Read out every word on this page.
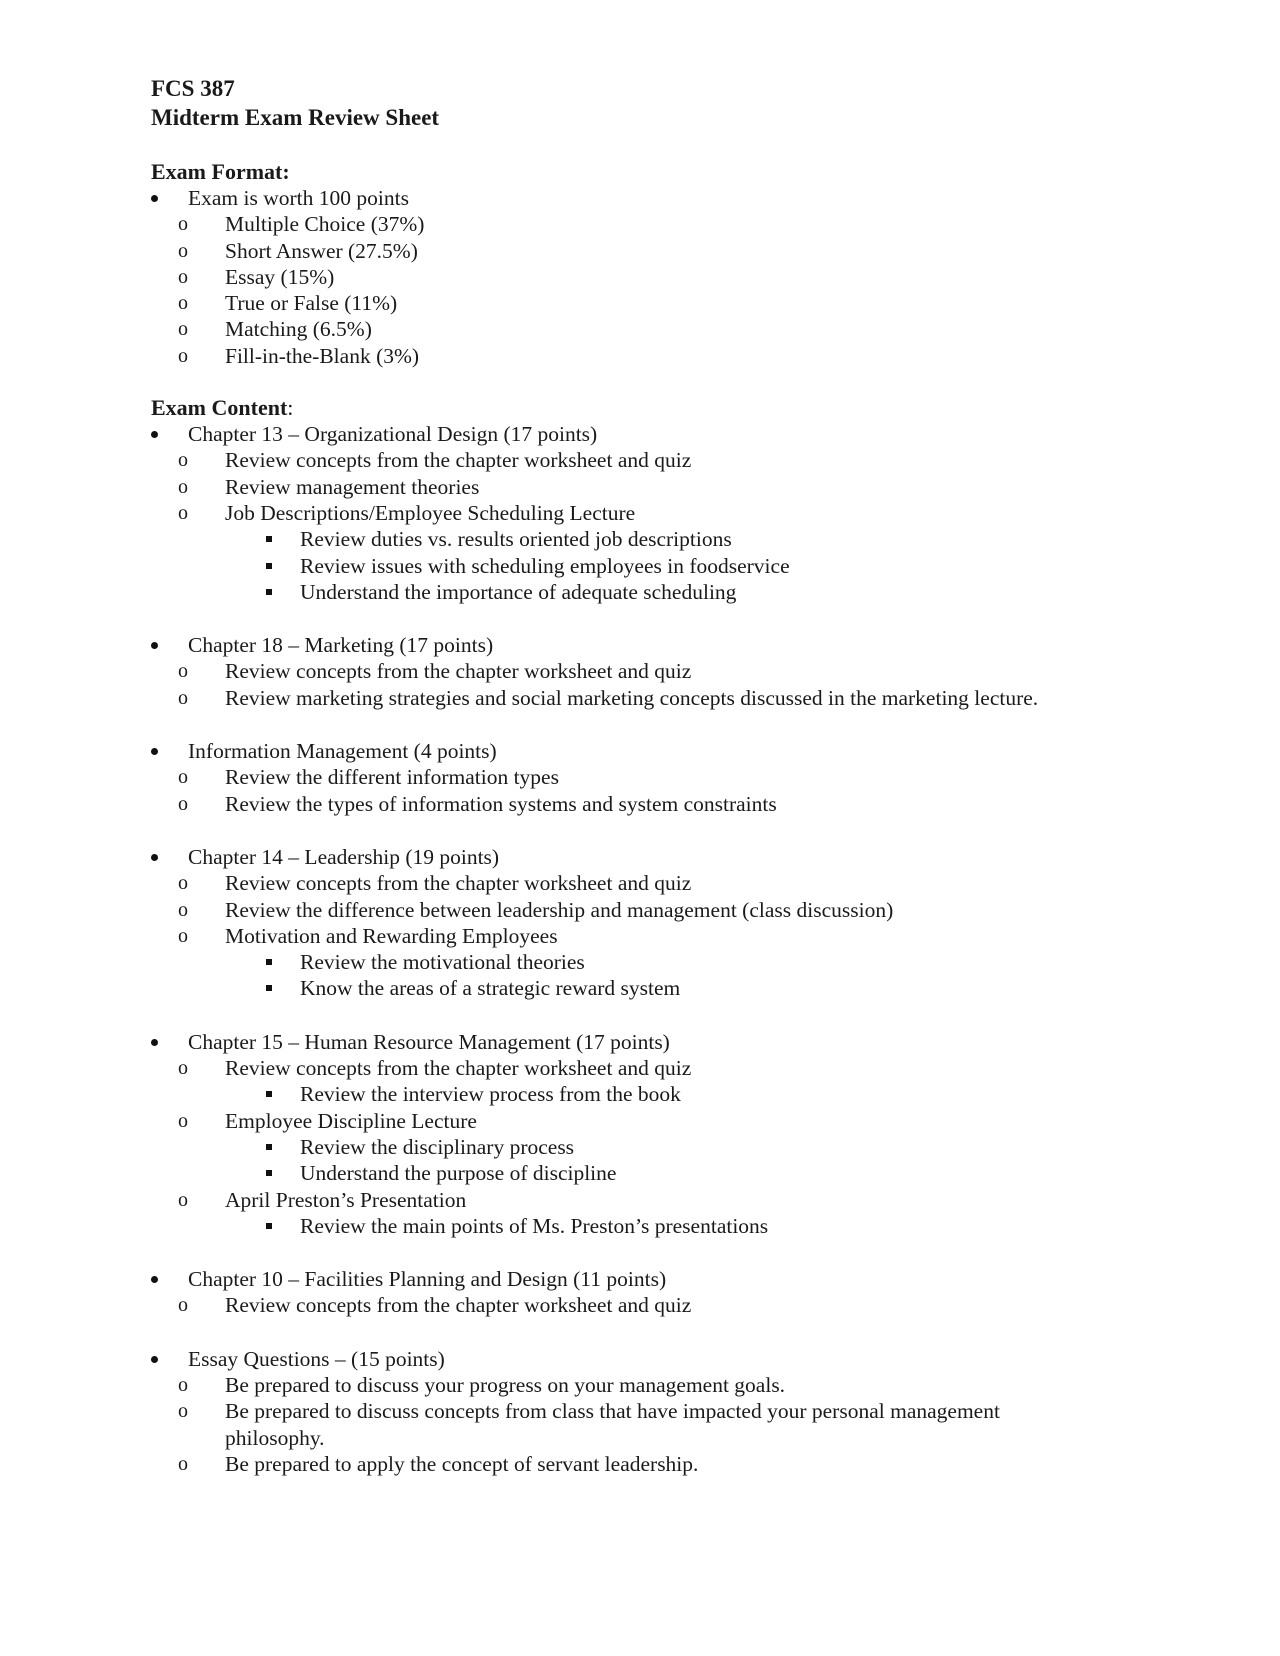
FCS 387
Midterm Exam Review Sheet
Exam Format:
Exam is worth 100 points
o Multiple Choice (37%)
o Short Answer (27.5%)
o Essay (15%)
o True or False (11%)
o Matching (6.5%)
o Fill-in-the-Blank (3%)
Exam Content:
Chapter 13 – Organizational Design (17 points)
o Review concepts from the chapter worksheet and quiz
o Review management theories
o Job Descriptions/Employee Scheduling Lecture
Review duties vs. results oriented job descriptions
Review issues with scheduling employees in foodservice
Understand the importance of adequate scheduling
Chapter 18 – Marketing (17 points)
o Review concepts from the chapter worksheet and quiz
o Review marketing strategies and social marketing concepts discussed in the marketing lecture.
Information Management (4 points)
o Review the different information types
o Review the types of information systems and system constraints
Chapter 14 – Leadership (19 points)
o Review concepts from the chapter worksheet and quiz
o Review the difference between leadership and management (class discussion)
o Motivation and Rewarding Employees
Review the motivational theories
Know the areas of a strategic reward system
Chapter 15 – Human Resource Management (17 points)
o Review concepts from the chapter worksheet and quiz
Review the interview process from the book
o Employee Discipline Lecture
Review the disciplinary process
Understand the purpose of discipline
o April Preston’s Presentation
Review the main points of Ms. Preston’s presentations
Chapter 10 – Facilities Planning and Design (11 points)
o Review concepts from the chapter worksheet and quiz
Essay Questions – (15 points)
o Be prepared to discuss your progress on your management goals.
o Be prepared to discuss concepts from class that have impacted your personal management philosophy.
o Be prepared to apply the concept of servant leadership.
